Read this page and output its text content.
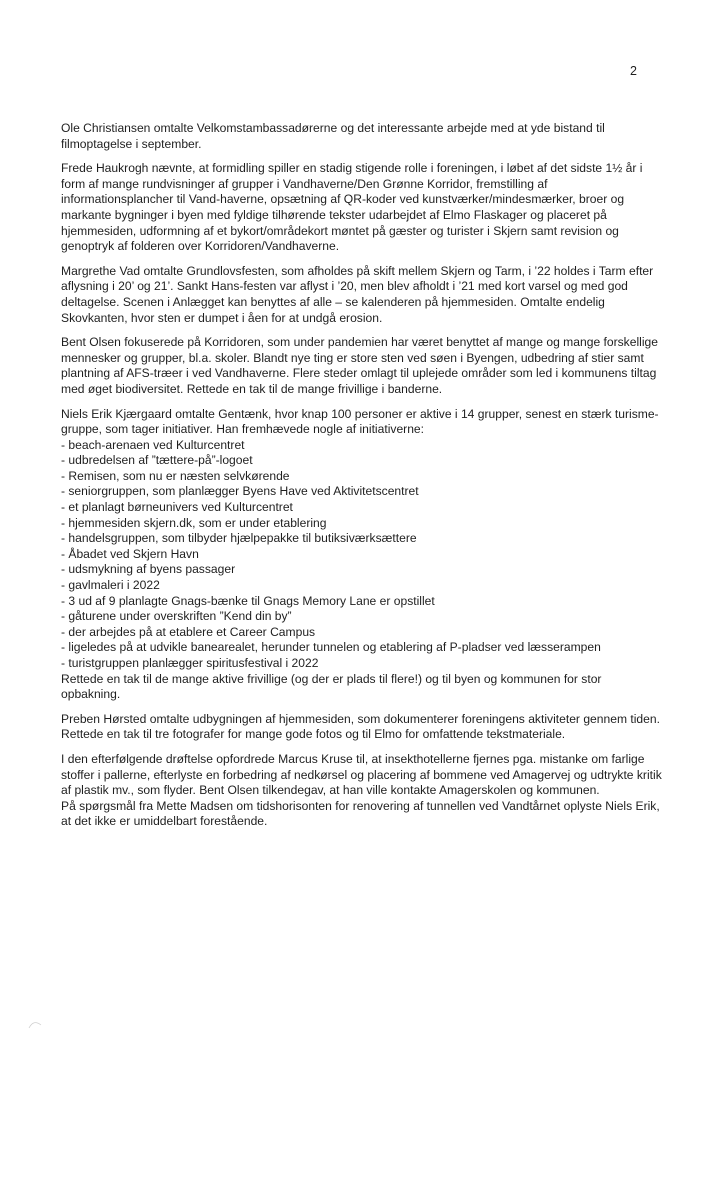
2

Ole Christiansen omtalte Velkomstambassadørerne og det interessante arbejde med at yde bistand til filmoptagelse i september.

Frede Haukrogh nævnte, at formidling spiller en stadig stigende rolle i foreningen, i løbet af det sidste 1½ år i form af mange rundvisninger af grupper i Vandhaverne/Den Grønne Korridor, fremstilling af informationsplancher til Vand-haverne, opsætning af QR-koder ved kunstværker/mindesmærker, broer og markante bygninger i byen med fyldige tilhørende tekster udarbejdet af Elmo Flaskager og placeret på hjemmesiden, udformning af et bykort/områdekort møntet på gæster og turister i Skjern samt revision og genoptryk af folderen over Korridoren/Vandhaverne.

Margrethe Vad omtalte Grundlovsfesten, som afholdes på skift mellem Skjern og Tarm, i ’22 holdes i Tarm efter aflysning i 20’ og 21’. Sankt Hans-festen var aflyst i ’20, men blev afholdt i ’21 med kort varsel og med god deltagelse. Scenen i Anlægget kan benyttes af alle – se kalenderen på hjemmesiden. Omtalte endelig Skovkanten, hvor sten er dumpet i åen for at undgå erosion.

Bent Olsen fokuserede på Korridoren, som under pandemien har været benyttet af mange og mange forskellige mennesker og grupper, bl.a. skoler. Blandt nye ting er store sten ved søen i Byengen, udbedring af stier samt plantning af AFS-træer i ved Vandhaverne. Flere steder omlagt til uplejede områder som led i kommunens tiltag med øget biodiversitet. Rettede en tak til de mange frivillige i banderne.

Niels Erik Kjærgaard omtalte Gentænk, hvor knap 100 personer er aktive i 14 grupper, senest en stærk turisme-gruppe, som tager initiativer. Han fremhævede nogle af initiativerne:
- beach-arenaen ved Kulturcentret
- udbredelsen af ”tættere-på”-logoet
- Remisen, som nu er næsten selvkørende
- seniorgruppen, som planlægger Byens Have ved Aktivitetscentret
- et planlagt børneunivers ved Kulturcentret
- hjemmesiden skjern.dk, som er under etablering
- handelsgruppen, som tilbyder hjælpepakke til butiksiværksættere
- Åbadet ved Skjern Havn
- udsmykning af byens passager
- gavlmaleri i 2022
- 3 ud af 9 planlagte Gnags-bænke til Gnags Memory Lane er opstillet
- gåturene under overskriften ”Kend din by”
- der arbejdes på at etablere et Career Campus
- ligeledes på at udvikle banearealet, herunder tunnelen og etablering af P-pladser ved læsserampen
- turistgruppen planlægger spiritusfestival i 2022
Rettede en tak til de mange aktive frivillige (og der er plads til flere!) og til byen og kommunen for stor opbakning.

Preben Hørsted omtalte udbygningen af hjemmesiden, som dokumenterer foreningens aktiviteter gennem tiden. Rettede en tak til tre fotografer for mange gode fotos og til Elmo for omfattende tekstmateriale.

I den efterfølgende drøftelse opfordrede Marcus Kruse til, at insekthotellerne fjernes pga. mistanke om farlige stoffer i pallerne, efterlyste en forbedring af nedkørsel og placering af bommene ved Amagervej og udtrykte kritik af plastik mv., som flyder. Bent Olsen tilkendegav, at han ville kontakte Amagerskolen og kommunen.
På spørgsmål fra Mette Madsen om tidshorisonten for renovering af tunnellen ved Vandtårnet oplyste Niels Erik, at det ikke er umiddelbart forestående.
